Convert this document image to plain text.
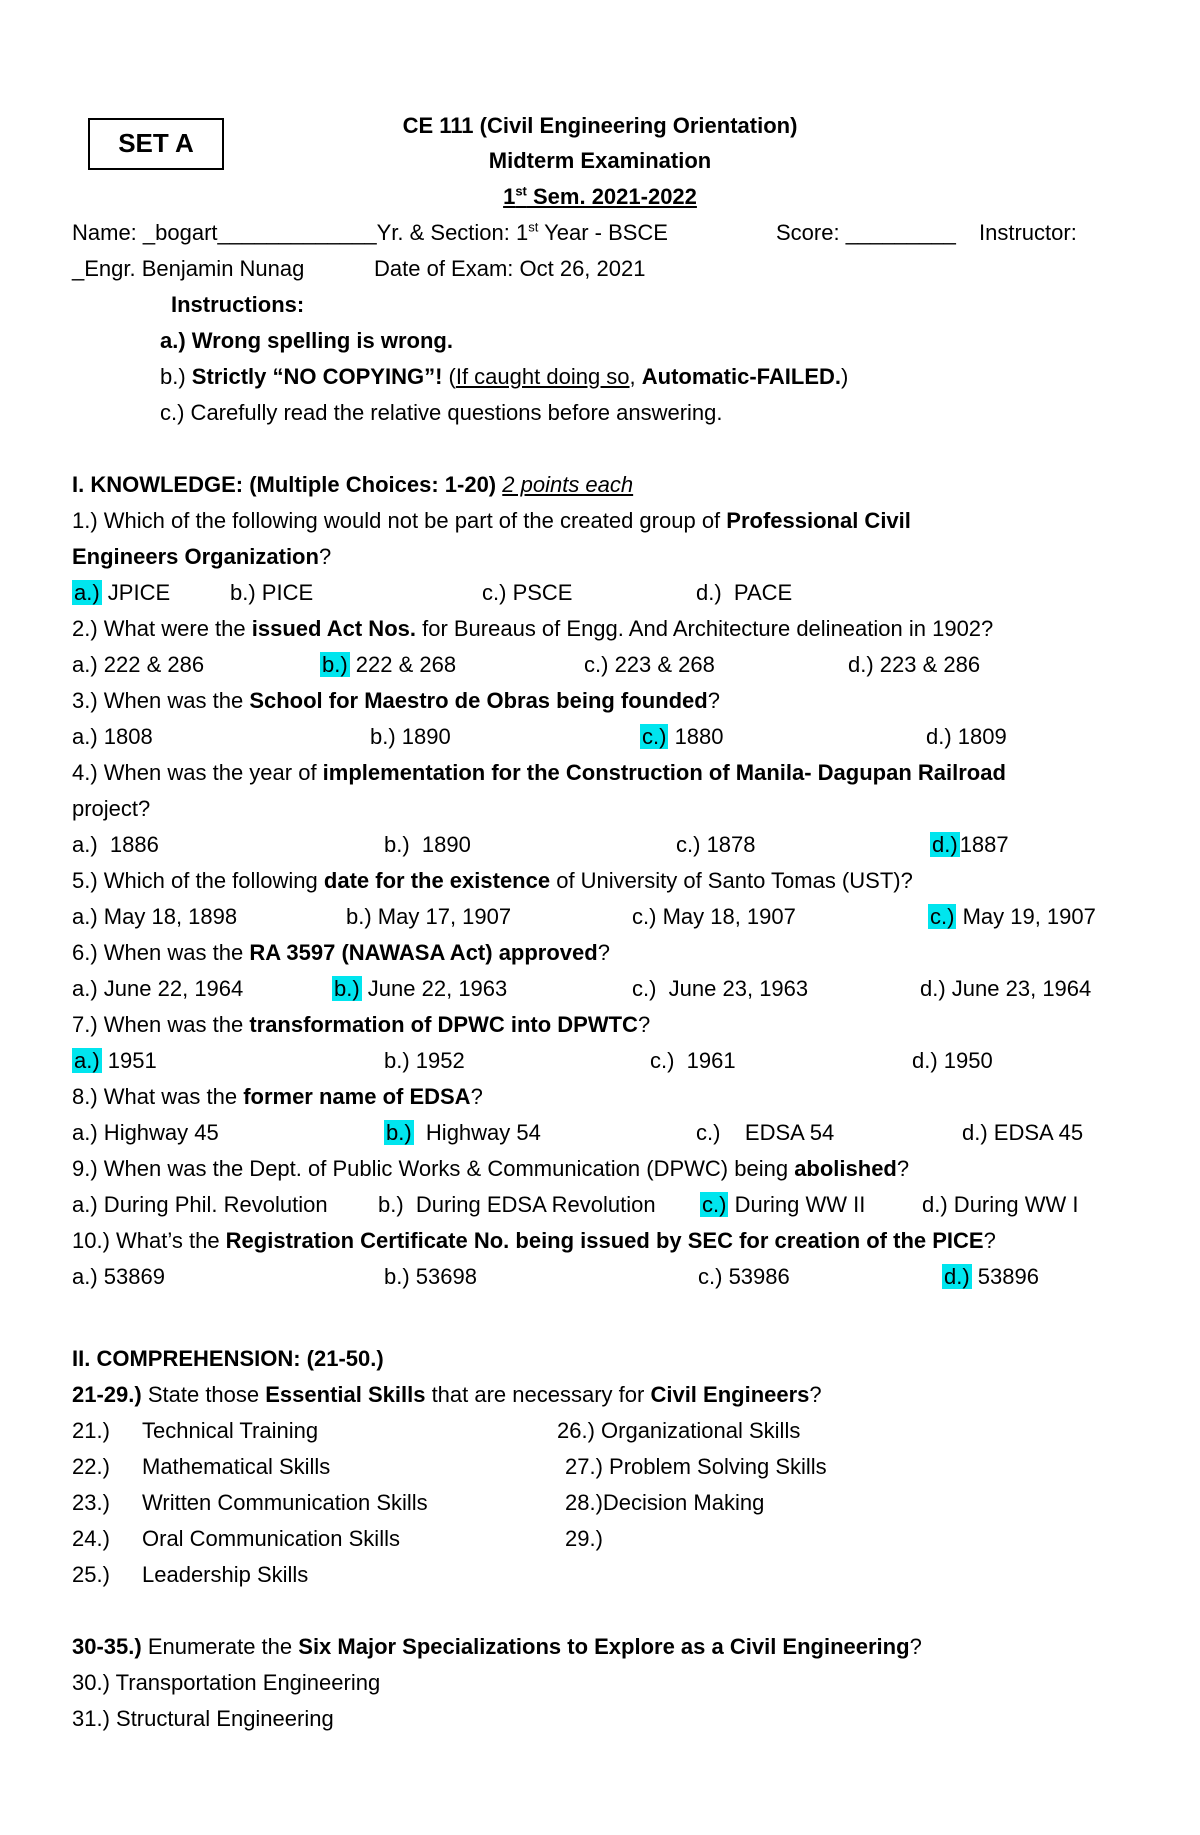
SET A
CE 111 (Civil Engineering Orientation)
Midterm Examination
1st Sem. 2021-2022
Name: _bogart_____________Yr. & Section: 1st Year - BSCE	Score: _________ Instructor:
_Engr. Benjamin Nunag	Date of Exam: Oct 26, 2021
Instructions:
a.) Wrong spelling is wrong.
b.) Strictly “NO COPYING”! (If caught doing so, Automatic-FAILED.)
c.) Carefully read the relative questions before answering.
I. KNOWLEDGE: (Multiple Choices: 1-20) 2 points each
1.) Which of the following would not be part of the created group of Professional Civil
Engineers Organization?
a.) JPICE	b.) PICE	c.) PSCE	d.)  PACE
2.) What were the issued Act Nos. for Bureaus of Engg. And Architecture delineation in 1902?
a.) 222 & 286	b.) 222 & 268	c.) 223 & 268	d.) 223 & 286
3.) When was the School for Maestro de Obras being founded?
a.) 1808	b.) 1890	c.) 1880	d.) 1809
4.) When was the year of implementation for the Construction of Manila- Dagupan Railroad
project?
a.)  1886	b.)  1890	c.) 1878	d.)1887
5.) Which of the following date for the existence of University of Santo Tomas (UST)?
a.) May 18, 1898	b.) May 17, 1907	c.) May 18, 1907	c.) May 19, 1907
6.) When was the RA 3597 (NAWASA Act) approved?
a.) June 22, 1964	b.) June 22, 1963	c.)  June 23, 1963	d.) June 23, 1964
7.) When was the transformation of DPWC into DPWTC?
a.) 1951	b.) 1952	c.)  1961	d.) 1950
8.) What was the former name of EDSA?
a.) Highway 45	b.)  Highway 54	c.)    EDSA 54	d.) EDSA 45
9.) When was the Dept. of Public Works & Communication (DPWC) being abolished?
a.) During Phil. Revolution b.)  During EDSA Revolution c.) During WW II	d.) During WW I
10.) What’s the Registration Certificate No. being issued by SEC for creation of the PICE?
a.) 53869	b.) 53698	c.) 53986	d.) 53896
II. COMPREHENSION: (21-50.)
21-29.) State those Essential Skills that are necessary for Civil Engineers?
21.) Technical Training
22.) Mathematical Skills
23.) Written Communication Skills
24.) Oral Communication Skills
25.) Leadership Skills
26.) Organizational Skills
27.) Problem Solving Skills
28.)Decision Making
29.)
30-35.) Enumerate the Six Major Specializations to Explore as a Civil Engineering?
30.) Transportation Engineering
31.) Structural Engineering
